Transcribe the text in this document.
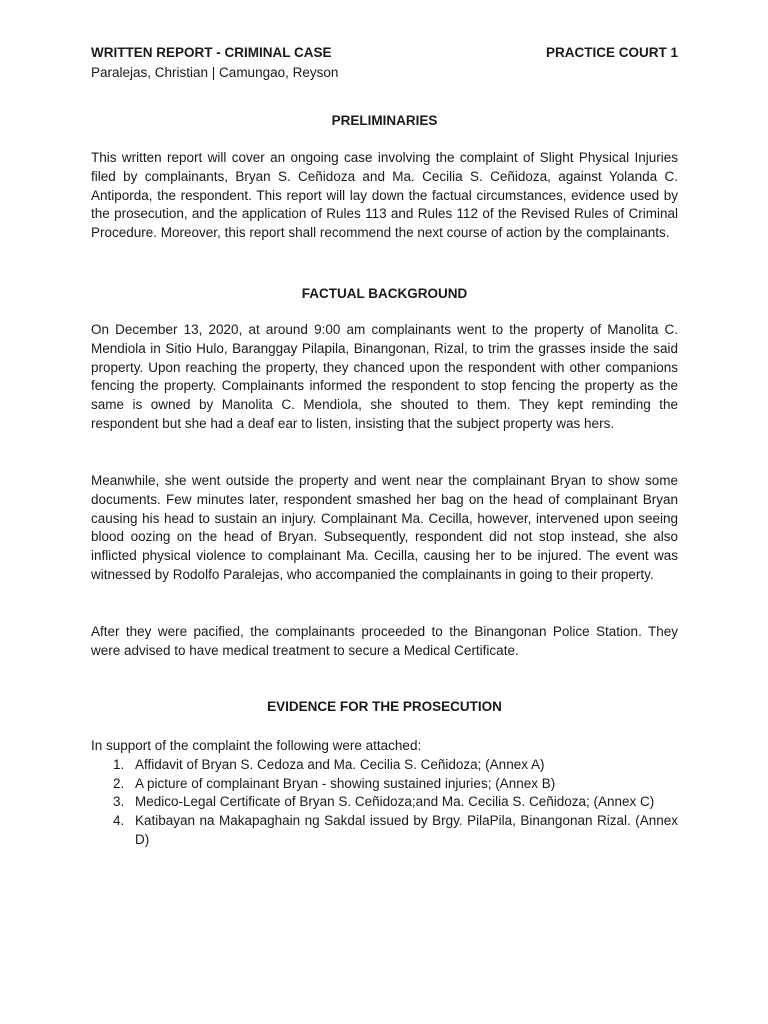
WRITTEN REPORT - CRIMINAL CASE	PRACTICE COURT 1
Paralejas, Christian | Camungao, Reyson
PRELIMINARIES

This written report will cover an ongoing case involving the complaint of Slight Physical Injuries filed by complainants, Bryan S. Ceñidoza and Ma. Cecilia S. Ceñidoza, against Yolanda C. Antiporda, the respondent. This report will lay down the factual circumstances, evidence used by the prosecution, and the application of Rules 113 and Rules 112 of the Revised Rules of Criminal Procedure. Moreover, this report shall recommend the next course of action by the complainants.

FACTUAL BACKGROUND

On December 13, 2020, at around 9:00 am complainants went to the property of Manolita C. Mendiola in Sitio Hulo, Baranggay Pilapila, Binangonan, Rizal, to trim the grasses inside the said property. Upon reaching the property, they chanced upon the respondent with other companions fencing the property. Complainants informed the respondent to stop fencing the property as the same is owned by Manolita C. Mendiola, she shouted to them. They kept reminding the respondent but she had a deaf ear to listen, insisting that the subject property was hers.

Meanwhile, she went outside the property and went near the complainant Bryan to show some documents. Few minutes later, respondent smashed her bag on the head of complainant Bryan causing his head to sustain an injury. Complainant Ma. Cecilla, however, intervened upon seeing blood oozing on the head of Bryan. Subsequently, respondent did not stop instead, she also inflicted physical violence to complainant Ma. Cecilla, causing her to be injured. The event was witnessed by Rodolfo Paralejas, who accompanied the complainants in going to their property.

After they were pacified, the complainants proceeded to the Binangonan Police Station. They were advised to have medical treatment to secure a Medical Certificate.

EVIDENCE FOR THE PROSECUTION
In support of the complaint the following were attached:
1. Affidavit of Bryan S. Cedoza and Ma. Cecilia S. Ceñidoza; (Annex A)
2. A picture of complainant Bryan - showing sustained injuries; (Annex B)
3. Medico-Legal Certificate of Bryan S. Ceñidoza;and Ma. Cecilia S. Ceñidoza; (Annex C)
4. Katibayan na Makapaghain ng Sakdal issued by Brgy. PilaPila, Binangonan Rizal. (Annex D)
